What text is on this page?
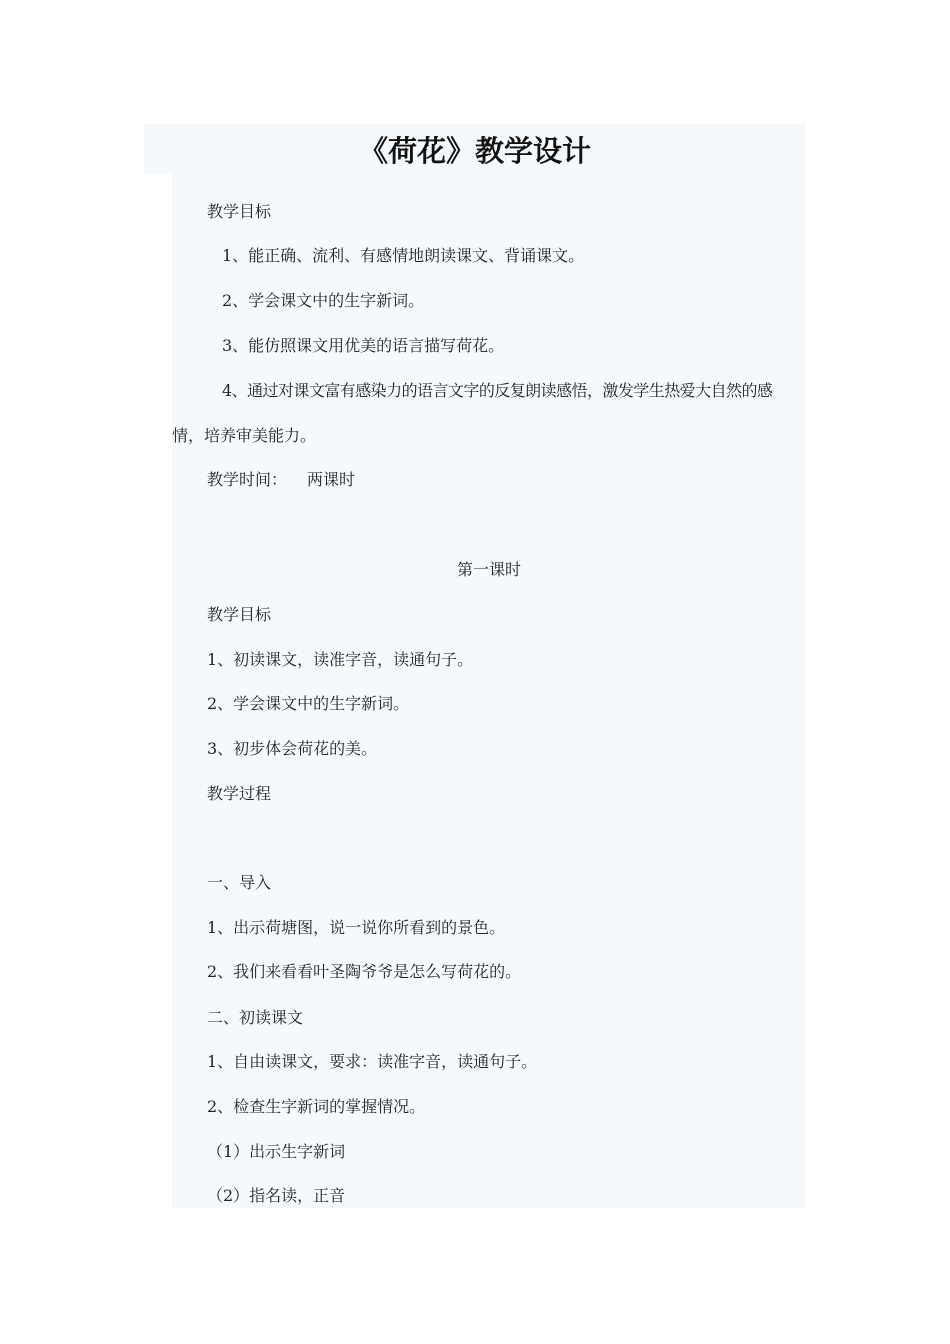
《荷花》教学设计

教学目标

1、能正确、流利、有感情地朗读课文、背诵课文。

2、学会课文中的生字新词。

3、能仿照课文用优美的语言描写荷花。

4、通过对课文富有感染力的语言文字的反复朗读感悟，激发学生热爱大自然的感

情，培养审美能力。

教学时间： 两课时

第一课时

教学目标

1、初读课文，读准字音，读通句子。

2、学会课文中的生字新词。

3、初步体会荷花的美。

教学过程

一、导入

1、出示荷塘图，说一说你所看到的景色。

2、我们来看看叶圣陶爷爷是怎么写荷花的。

二、初读课文

1、自由读课文，要求：读准字音，读通句子。

2、检查生字新词的掌握情况。

（1）出示生字新词

（2）指名读，正音
